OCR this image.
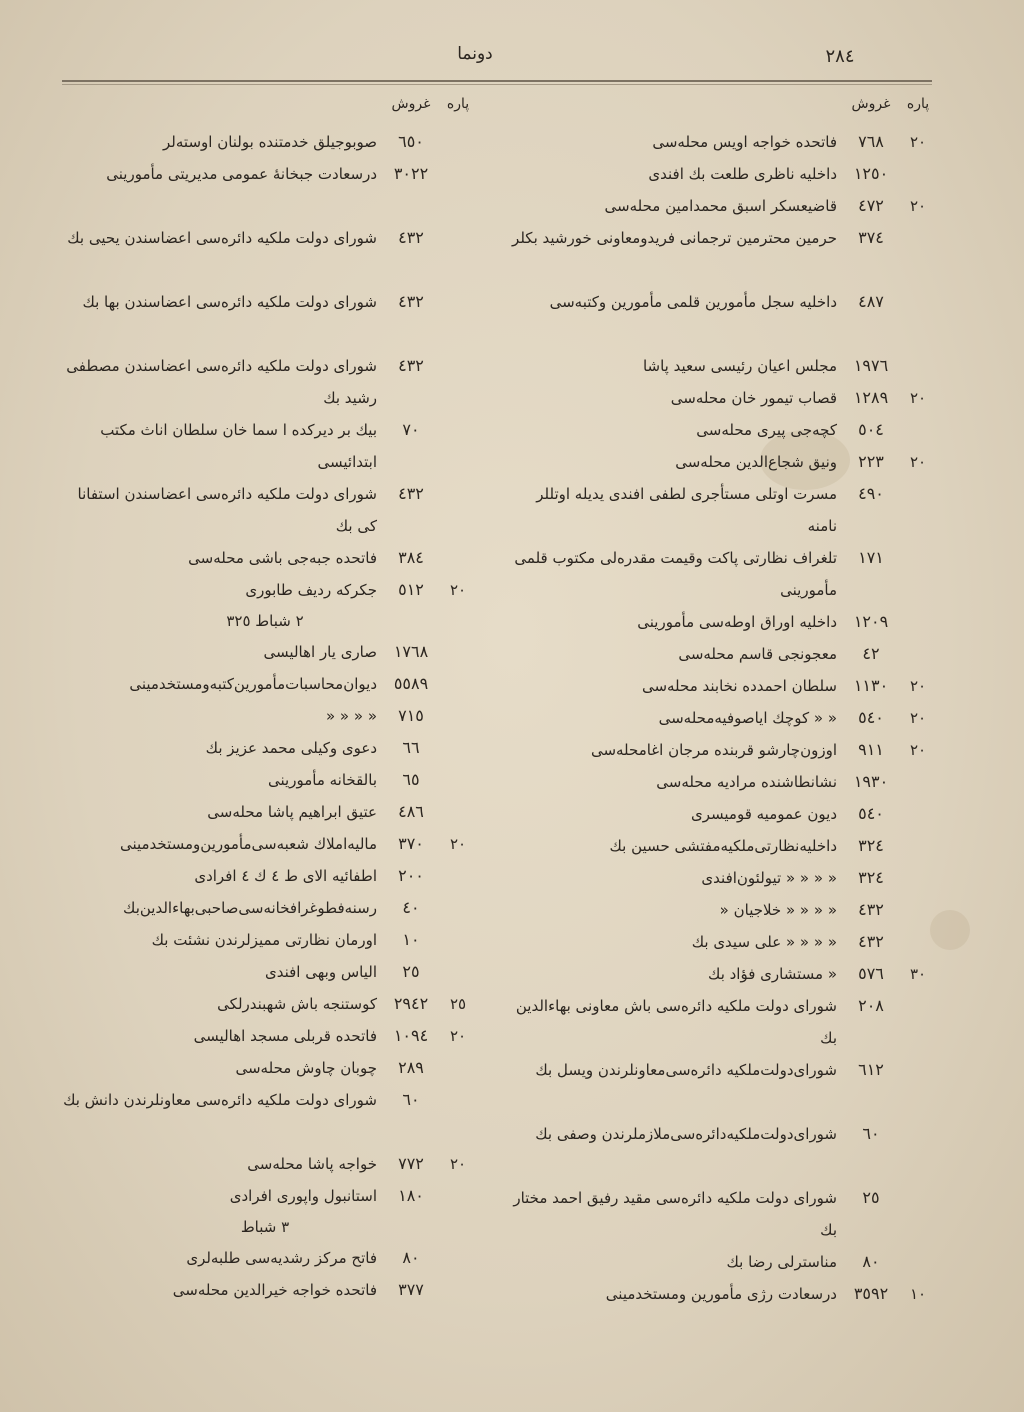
دونما	٢٨٤
پارهغروش
٢٠
٧٦٨
فاتحده خواجه اويس محله‌سى
١٢٥٠
داخليه ناظرى طلعت بك افندى
٢٠
٤٧٢
قاضيعسكر اسبق محمدامين محله‌سى
٣٧٤
حرمين محترمين ترجمانى فريدومعاونى خورشيد بكلر
٤٨٧
داخليه سجل مأمورين قلمى مأمورين وكتبه‌سى
١٩٧٦
مجلس اعيان رئيسى سعيد پاشا
٢٠
١٢٨٩
قصاب تيمور خان محله‌سى
٥٠٤
كچه‌جى پيرى محله‌سى
٢٠
٢٢٣
ونيق شجاع‌الدين محله‌سى
٤٩٠
مسرت اوتلى مستأجرى لطفى افندى يديله اوتللر نامنه
١٧١
تلغراف نظارتى پاكت وقيمت مقدره‌لى مكتوب قلمى مأمورينى
١٢٠٩
داخليه اوراق اوطه‌سى مأمورينى
٤٢
معجونجى قاسم محله‌سى
٢٠
١١٣٠
سلطان احمدده نخابند محله‌سى
٢٠
٥٤٠
« « كوچك اياصوفيه‌محله‌سى
٢٠
٩١١
اوزون‌چارشو قربنده مرجان اغامحله‌سى
١٩٣٠
نشانطاشنده مراديه محله‌سى
٥٤٠
ديون عموميه قوميسرى
٣٢٤
داخليه‌نظارتى‌ملكيه‌مفتشى حسين بك
٣٢٤
« « « « تيولئون‌افندى
٤٣٢
« « « « خلاجيان «
٤٣٢
« « « « على سيدى بك
٣٠
٥٧٦
« مستشارى فؤاد بك
٢٠٨
شوراى دولت ملكيه دائره‌سى باش معاونى بهاءالدين بك
٦١٢
شوراى‌دولت‌ملكيه دائره‌سى‌معاونلرندن ويسل بك
٦٠
شوراى‌دولت‌ملكيه‌دائره‌سى‌ملازملرندن وصفى بك
٢٥
شوراى دولت ملكيه دائره‌سى مقيد رفيق احمد مختار بك
٨٠
مناسترلى رضا بك
١٠
٣٥٩٢
درسعادت رژى مأمورين ومستخدمينى
پارهغروش
٦٥٠
صوبوجيلق خدمتنده بولنان اوسته‌لر
٣٠٢٢
درسعادت جبخانهٔ عمومى مديريتى مأمورينى
٤٣٢
شوراى دولت ملكيه دائره‌سى اعضاسندن يحيى بك
٤٣٢
شوراى دولت ملكيه دائره‌سى اعضاسندن بها بك
٤٣٢
شوراى دولت ملكيه دائره‌سى اعضاسندن مصطفى رشيد بك
٧٠
بيك بر ديركده ا سما خان سلطان اناث مكتب ابتدائيسى
٤٣٢
شوراى دولت ملكيه دائره‌سى اعضاسندن استفانا كى بك
٣٨٤
فاتحده جبه‌جى باشى محله‌سى
٢٠
٥١٢
جكركه رديف طابورى
٢ شباط ٣٢٥
١٧٦٨
صارى يار اهاليسى
٥٥٨٩
ديوان‌محاسبات‌مأمورين‌كتبه‌ومستخدمينى
٧١٥
« « « «
٦٦
دعوى وكيلى محمد عزيز بك
٦٥
بالقخانه مأمورينى
٤٨٦
عتيق ابراهيم پاشا محله‌سى
٢٠
٣٧٠
ماليه‌املاك شعبه‌سى‌مأمورين‌ومستخدمينى
٢٠٠
اطفائيه الاى ط ٤ ك ٤ افرادى
٤٠
رسنه‌فطوغرافخانه‌سى‌صاحبى‌بهاءالدين‌بك
١٠
اورمان نظارتى مميزلرندن نشئت بك
٢٥
الياس وبهى افندى
٢٥
٢٩٤٢
كوستنجه باش شهبندرلكى
٢٠
١٠٩٤
فاتحده قربلى مسجد اهاليسى
٢٨٩
چوبان چاوش محله‌سى
٦٠
شوراى دولت ملكيه دائره‌سى معاونلرندن دانش بك
٢٠
٧٧٢
خواجه پاشا محله‌سى
١٨٠
استانبول واپورى افرادى
٣ شباط
٨٠
فاتح مركز رشديه‌سى طلبه‌لرى
٣٧٧
فاتحده خواجه خيرالدين محله‌سى
